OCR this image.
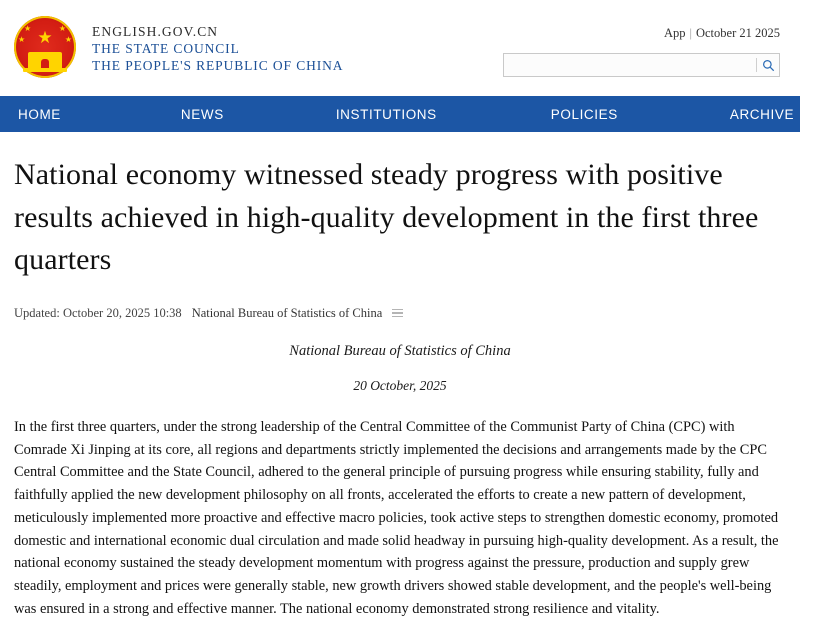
★
★
★
★
★
ENGLISH.GOV.CN
THE STATE COUNCIL
THE PEOPLE'S REPUBLIC OF CHINA
App | October 21 2025
HOME	NEWS	INSTITUTIONS	POLICIES	ARCHIVE
中文
National economy witnessed steady progress with positive results achieved in high-quality development in the first three quarters
Updated: October 20, 2025 10:38 National Bureau of Statistics of China
National Bureau of Statistics of China
20 October, 2025

In the first three quarters, under the strong leadership of the Central Committee of the Communist Party of China (CPC) with Comrade Xi Jinping at its core, all regions and departments strictly implemented the decisions and arrangements made by the CPC Central Committee and the State Council, adhered to the general principle of pursuing progress while ensuring stability, fully and faithfully applied the new development philosophy on all fronts, accelerated the efforts to create a new pattern of development, meticulously implemented more proactive and effective macro policies, took active steps to strengthen domestic economy, promoted domestic and international economic dual circulation and made solid headway in pursuing high-quality development. As a result, the national economy sustained the steady development momentum with progress against the pressure, production and supply grew steadily, employment and prices were generally stable, new growth drivers showed stable development, and the people's well-being was ensured in a strong and effective manner. The national economy demonstrated strong resilience and vitality.
